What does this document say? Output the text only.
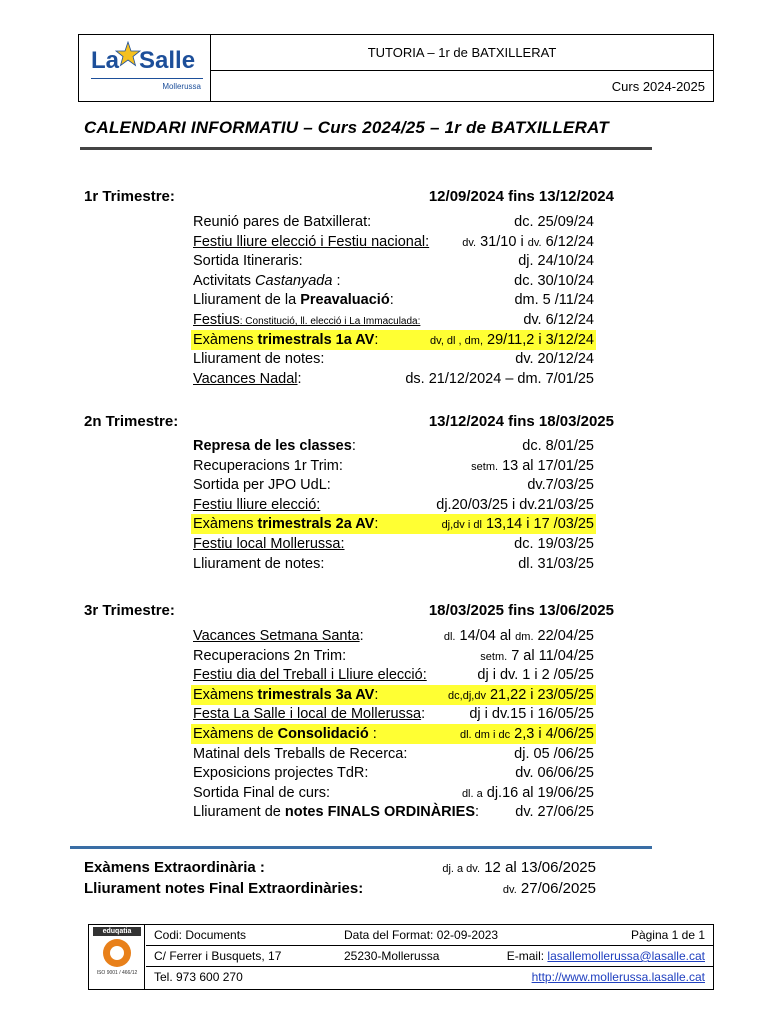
La Salle
Mollerussa
TUTORIA – 1r de BATXILLERAT
Curs 2024-2025
CALENDARI INFORMATIU – Curs 2024/25 – 1r de BATXILLERAT
1r Trimestre:	12/09/2024 fins 13/12/2024
Reunió pares de Batxillerat:	dc. 25/09/24
Festiu lliure elecció i Festiu nacional:	dv. 31/10 i dv. 6/12/24
Sortida Itineraris:	dj. 24/10/24
Activitats Castanyada :	dc. 30/10/24
Lliurament de la Preavaluació:	dm. 5 /11/24
Festius: Constitució, ll. elecció i La Immaculada:	dv. 6/12/24
Exàmens trimestrals 1a AV:	dv, dl , dm, 29/11,2 i 3/12/24
Lliurament de notes:	dv. 20/12/24
Vacances Nadal:	ds. 21/12/2024 – dm. 7/01/25
2n Trimestre:	13/12/2024 fins 18/03/2025
Represa de les classes:	dc. 8/01/25
Recuperacions 1r Trim:	setm. 13 al 17/01/25
Sortida per JPO UdL:	dv.7/03/25
Festiu lliure elecció:	dj.20/03/25 i dv.21/03/25
Exàmens trimestrals 2a AV:	dj,dv i dl 13,14 i 17 /03/25
Festiu local Mollerussa:	dc. 19/03/25
Lliurament de notes:	dl. 31/03/25
3r Trimestre:	18/03/2025 fins 13/06/2025
Vacances Setmana Santa:	dl. 14/04 al dm. 22/04/25
Recuperacions 2n Trim:	setm. 7 al 11/04/25
Festiu dia del Treball i Lliure elecció:	dj i dv. 1 i 2 /05/25
Exàmens trimestrals 3a AV:	dc,dj,dv 21,22 i 23/05/25
Festa La Salle i local de Mollerussa:	dj i dv.15 i 16/05/25
Exàmens de Consolidació :	dl. dm i dc 2,3 i 4/06/25
Matinal dels Treballs de Recerca:	dj. 05 /06/25
Exposicions projectes TdR:	dv. 06/06/25
Sortida Final de curs:	dl. a dj.16 al 19/06/25
Lliurament de notes FINALS ORDINÀRIES: dv. 27/06/25
Exàmens Extraordinària :	dj. a dv. 12 al 13/06/2025
Lliurament notes Final Extraordinàries:	dv. 27/06/2025
eduqatia
ISO 9001 / 466/12
Codi: Documents	Data del Format: 02-09-2023	Pàgina 1 de 1
C/ Ferrer i Busquets, 17	25230-Mollerussa	E-mail: lasallemollerussa@lasalle.cat
Tel. 973 600 270	http://www.mollerussa.lasalle.cat
